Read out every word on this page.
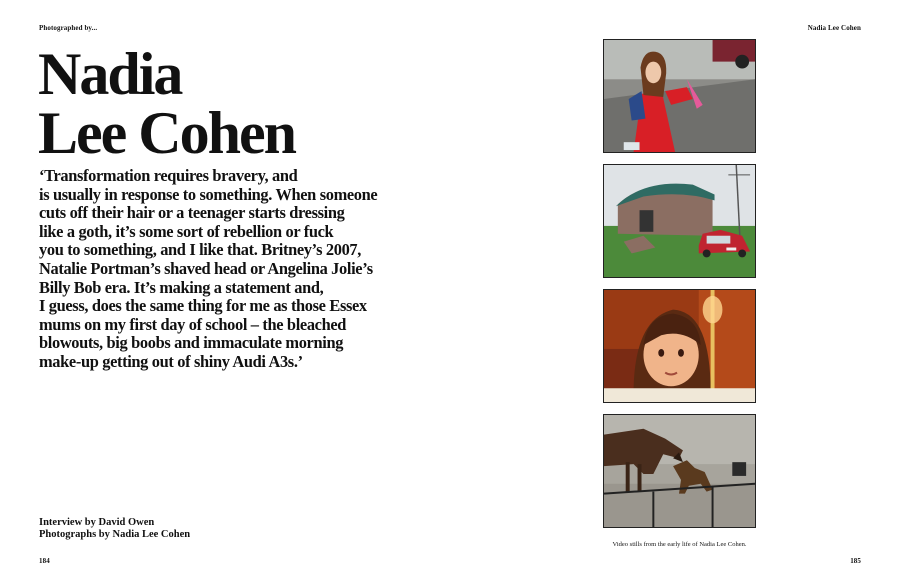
Photographed by...	Nadia Lee Cohen
Nadia
Lee Cohen
‘Transformation requires bravery, and
is usually in response to something. When someone
cuts off their hair or a teenager starts dressing
like a goth, it’s some sort of rebellion or fuck
you to something, and I like that. Britney’s 2007,
Natalie Portman’s shaved head or Angelina Jolie’s
Billy Bob era. It’s making a statement and,
I guess, does the same thing for me as those Essex
mums on my first day of school – the bleached
blowouts, big boobs and immaculate morning
make-up getting out of shiny Audi A3s.’
Interview by David Owen
Photographs by Nadia Lee Cohen
Video stills from the early life of Nadia Lee Cohen.
184	185
